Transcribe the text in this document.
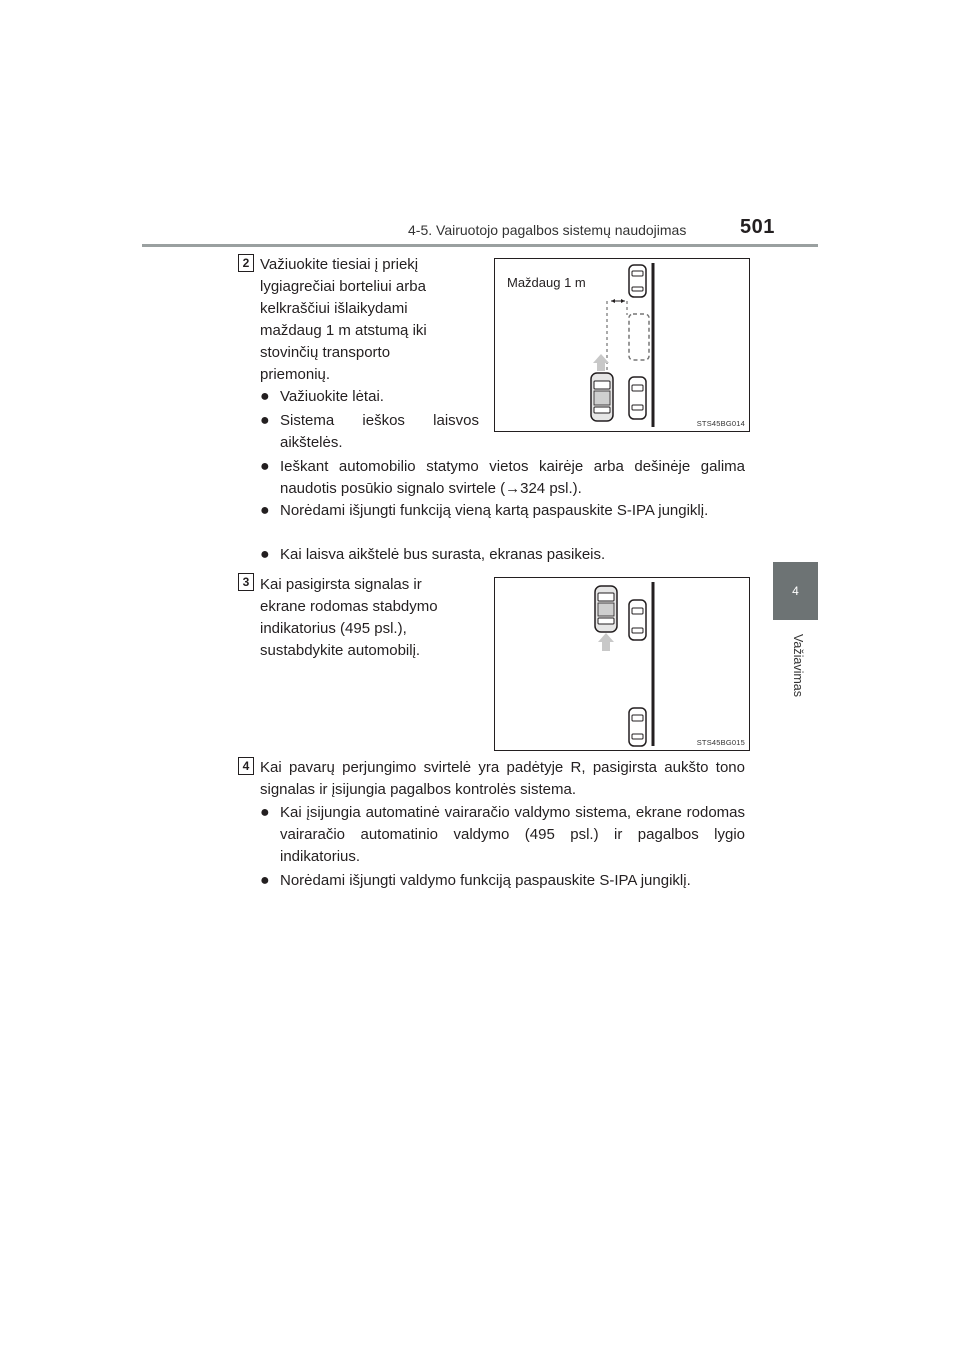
4-5. Vairuotojo pagalbos sistemų naudojimas	501
4
Važiavimas
2 Važiuokite tiesiai į priekį
lygiagrečiai borteliui arba
kelkraščiui išlaikydami
maždaug 1 m atstumą iki
stovinčių transporto
priemonių.

● Važiuokite lėtai.

● Sistema ieškos laisvos aikštelės.

● Ieškant automobilio statymo vietos kairėje arba dešinėje galima naudotis posūkio signalo svirtele (→324 psl.).

● Norėdami išjungti funkciją vieną kartą paspauskite S-IPA jungiklį.

● Kai laisva aikštelė bus surasta, ekranas pasikeis.

Maždaug 1 m
STS45BG014
3 Kai pasigirsta signalas ir
ekrane rodomas stabdymo
indikatorius (495 psl.),
sustabdykite automobilį.

STS45BG015
4 Kai pavarų perjungimo svirtelė yra padėtyje R, pasigirsta aukšto tono signalas ir įsijungia pagalbos kontrolės sistema.

● Kai įsijungia automatinė vairaračio valdymo sistema, ekrane rodomas vairaračio automatinio valdymo (495 psl.) ir pagalbos lygio indikatorius.

● Norėdami išjungti valdymo funkciją paspauskite S-IPA jungiklį.
